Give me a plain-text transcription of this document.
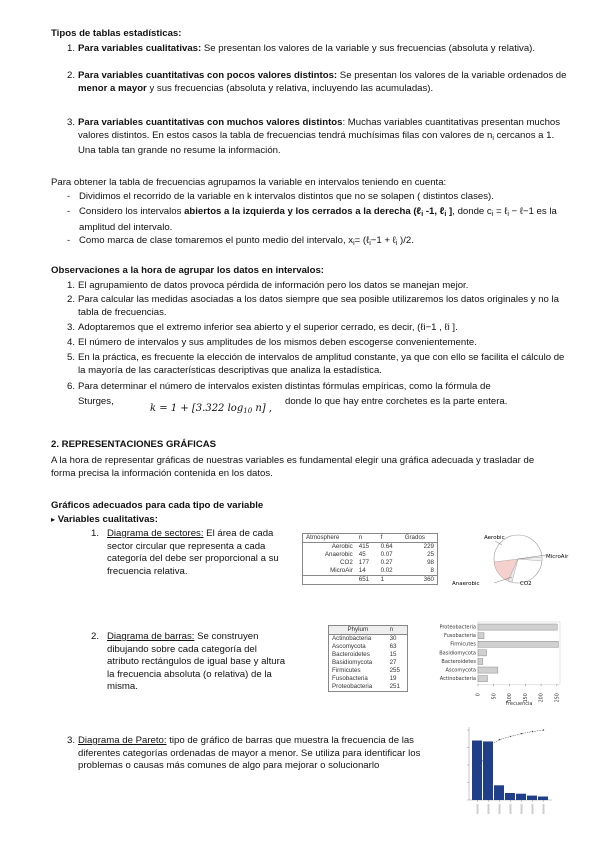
Tipos de tablas estadísticas:
1. Para variables cualitativas: Se presentan los valores de la variable y sus frecuencias (absoluta y relativa).

2. Para variables cuantitativas con pocos valores distintos: Se presentan los valores de la variable ordenados de menor a mayor y sus frecuencias (absoluta y relativa, incluyendo las acumuladas).

3. Para variables cuantitativas con muchos valores distintos: Muchas variables cuantitativas presentan muchos valores distintos. En estos casos la tabla de frecuencias tendrá muchísimas filas con valores de $n_i$ cercanos a 1. Una tabla tan grande no resume la información.

Para obtener la tabla de frecuencias agrupamos la variable en intervalos teniendo en cuenta:
- Dividimos el recorrido de la variable en k intervalos distintos que no se solapen ( distintos clases).

- Considero los intervalos abiertos a la izquierda y los cerrados a la derecha (ℓ$_i$ -1, ℓ$_i$ ], donde $c_i$ = ℓ$_i$ − ℓ−1 es la amplitud del intervalo.

- Como marca de clase tomaremos el punto medio del intervalo, $x_i=$ (ℓ$_i$−1 + ℓ$_i$ )/2.

Observaciones a la hora de agrupar los datos en intervalos:
1. El agrupamiento de datos provoca pérdida de información pero los datos se manejan mejor.

2. Para calcular las medidas asociadas a los datos siempre que sea posible utilizaremos los datos originales y no la tabla de frecuencias.

3. Adoptaremos que el extremo inferior sea abierto y el superior cerrado, es decir, (ℓi−1 , ℓi ].

4. El número de intervalos y sus amplitudes de los mismos deben escogerse convenientemente.

5. En la práctica, es frecuente la elección de intervalos de amplitud constante, ya que con ello se facilita el cálculo de la mayoría de las características descriptivas que analiza la estadística.

6. Para determinar el número de intervalos existen distintas fórmulas empíricas, como la fórmula de

Sturges,
k = 1 + [3.322 $\log_{10} n$] ,
donde lo que hay entre corchetes es la parte entera.
2. REPRESENTACIONES GRÁFICAS
A la hora de representar gráficas de nuestras variables es fundamental elegir una gráfica adecuada y trasladar de forma precisa la información contenida en los datos.
Gráficos adecuados para cada tipo de variable
▸ Variables cualitativas:
1. Diagrama de sectores: El área de cada sector circular que representa a cada categoría del debe ser proporcional a su frecuencia relativa.

Atmosphere	n	f	Grados
Aerobic	415	0.64	229
Anaerobic	45	0.07	25
CO2	177	0.27	98
MicroAir	14	0.02	8
	651	1	360
Aerobic
MicroAir
Anaerobic	CO2
2. Diagrama de barras: Se construyen dibujando sobre cada categoría del atributo rectángulos de igual base y altura la frecuencia absoluta (o relativa) de la misma.

Phylum	n
Actinobacteria	30
Ascomycota	63
Bacteroidetes	15
Basidiomycota	27
Firmicutes	255
Fusobacteria	19
Proteobacteria	251
Proteobacteria
Fusobacteria
Firmicutes
Basidiomycota
Bacteroidetes
Ascomycota
Actinobacteria
0 50 100 150 200 250
Frecuencia
3. Diagrama de Pareto: tipo de gráfico de barras que muestra la frecuencia de las diferentes categorías ordenadas de mayor a menor. Se utiliza para identificar los problemas o causas más comunes de algo para mejorar o solucionarlo
